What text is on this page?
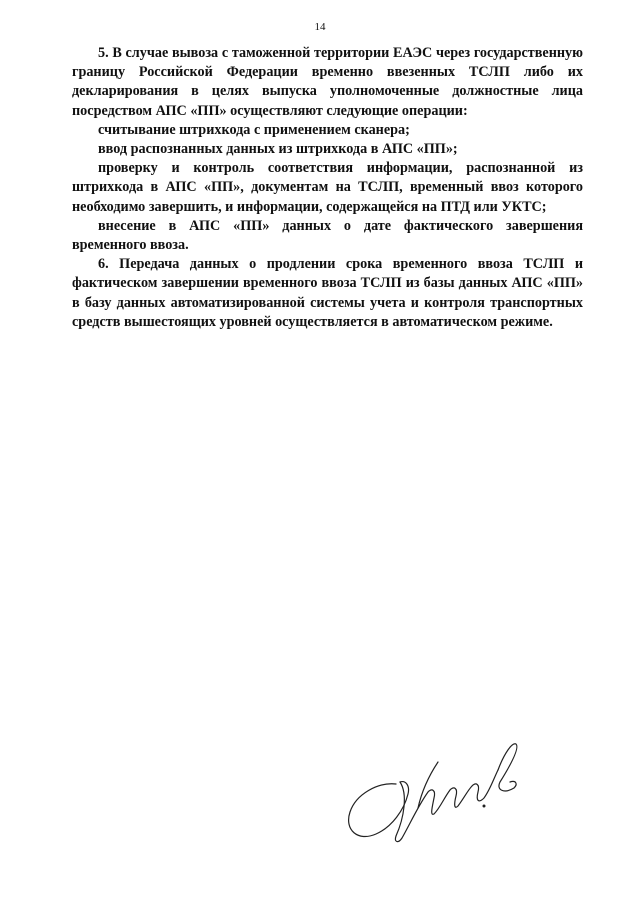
14

5. В случае вывоза с таможенной территории ЕАЭС через государственную границу Российской Федерации временно ввезенных ТСЛП либо их декларирования в целях выпуска уполномоченные должностные лица посредством АПС «ПП» осуществляют следующие операции:

считывание штрихкода с применением сканера;

ввод распознанных данных из штрихкода в АПС «ПП»;

проверку и контроль соответствия информации, распознанной из штрихкода в АПС «ПП», документам на ТСЛП, временный ввоз которого необходимо завершить, и информации, содержащейся на ПТД или УКТС;

внесение в АПС «ПП» данных о дате фактического завершения временного ввоза.

6. Передача данных о продлении срока временного ввоза ТСЛП и фактическом завершении временного ввоза ТСЛП из базы данных АПС «ПП» в базу данных автоматизированной системы учета и контроля транспортных средств вышестоящих уровней осуществляется в автоматическом режиме.
